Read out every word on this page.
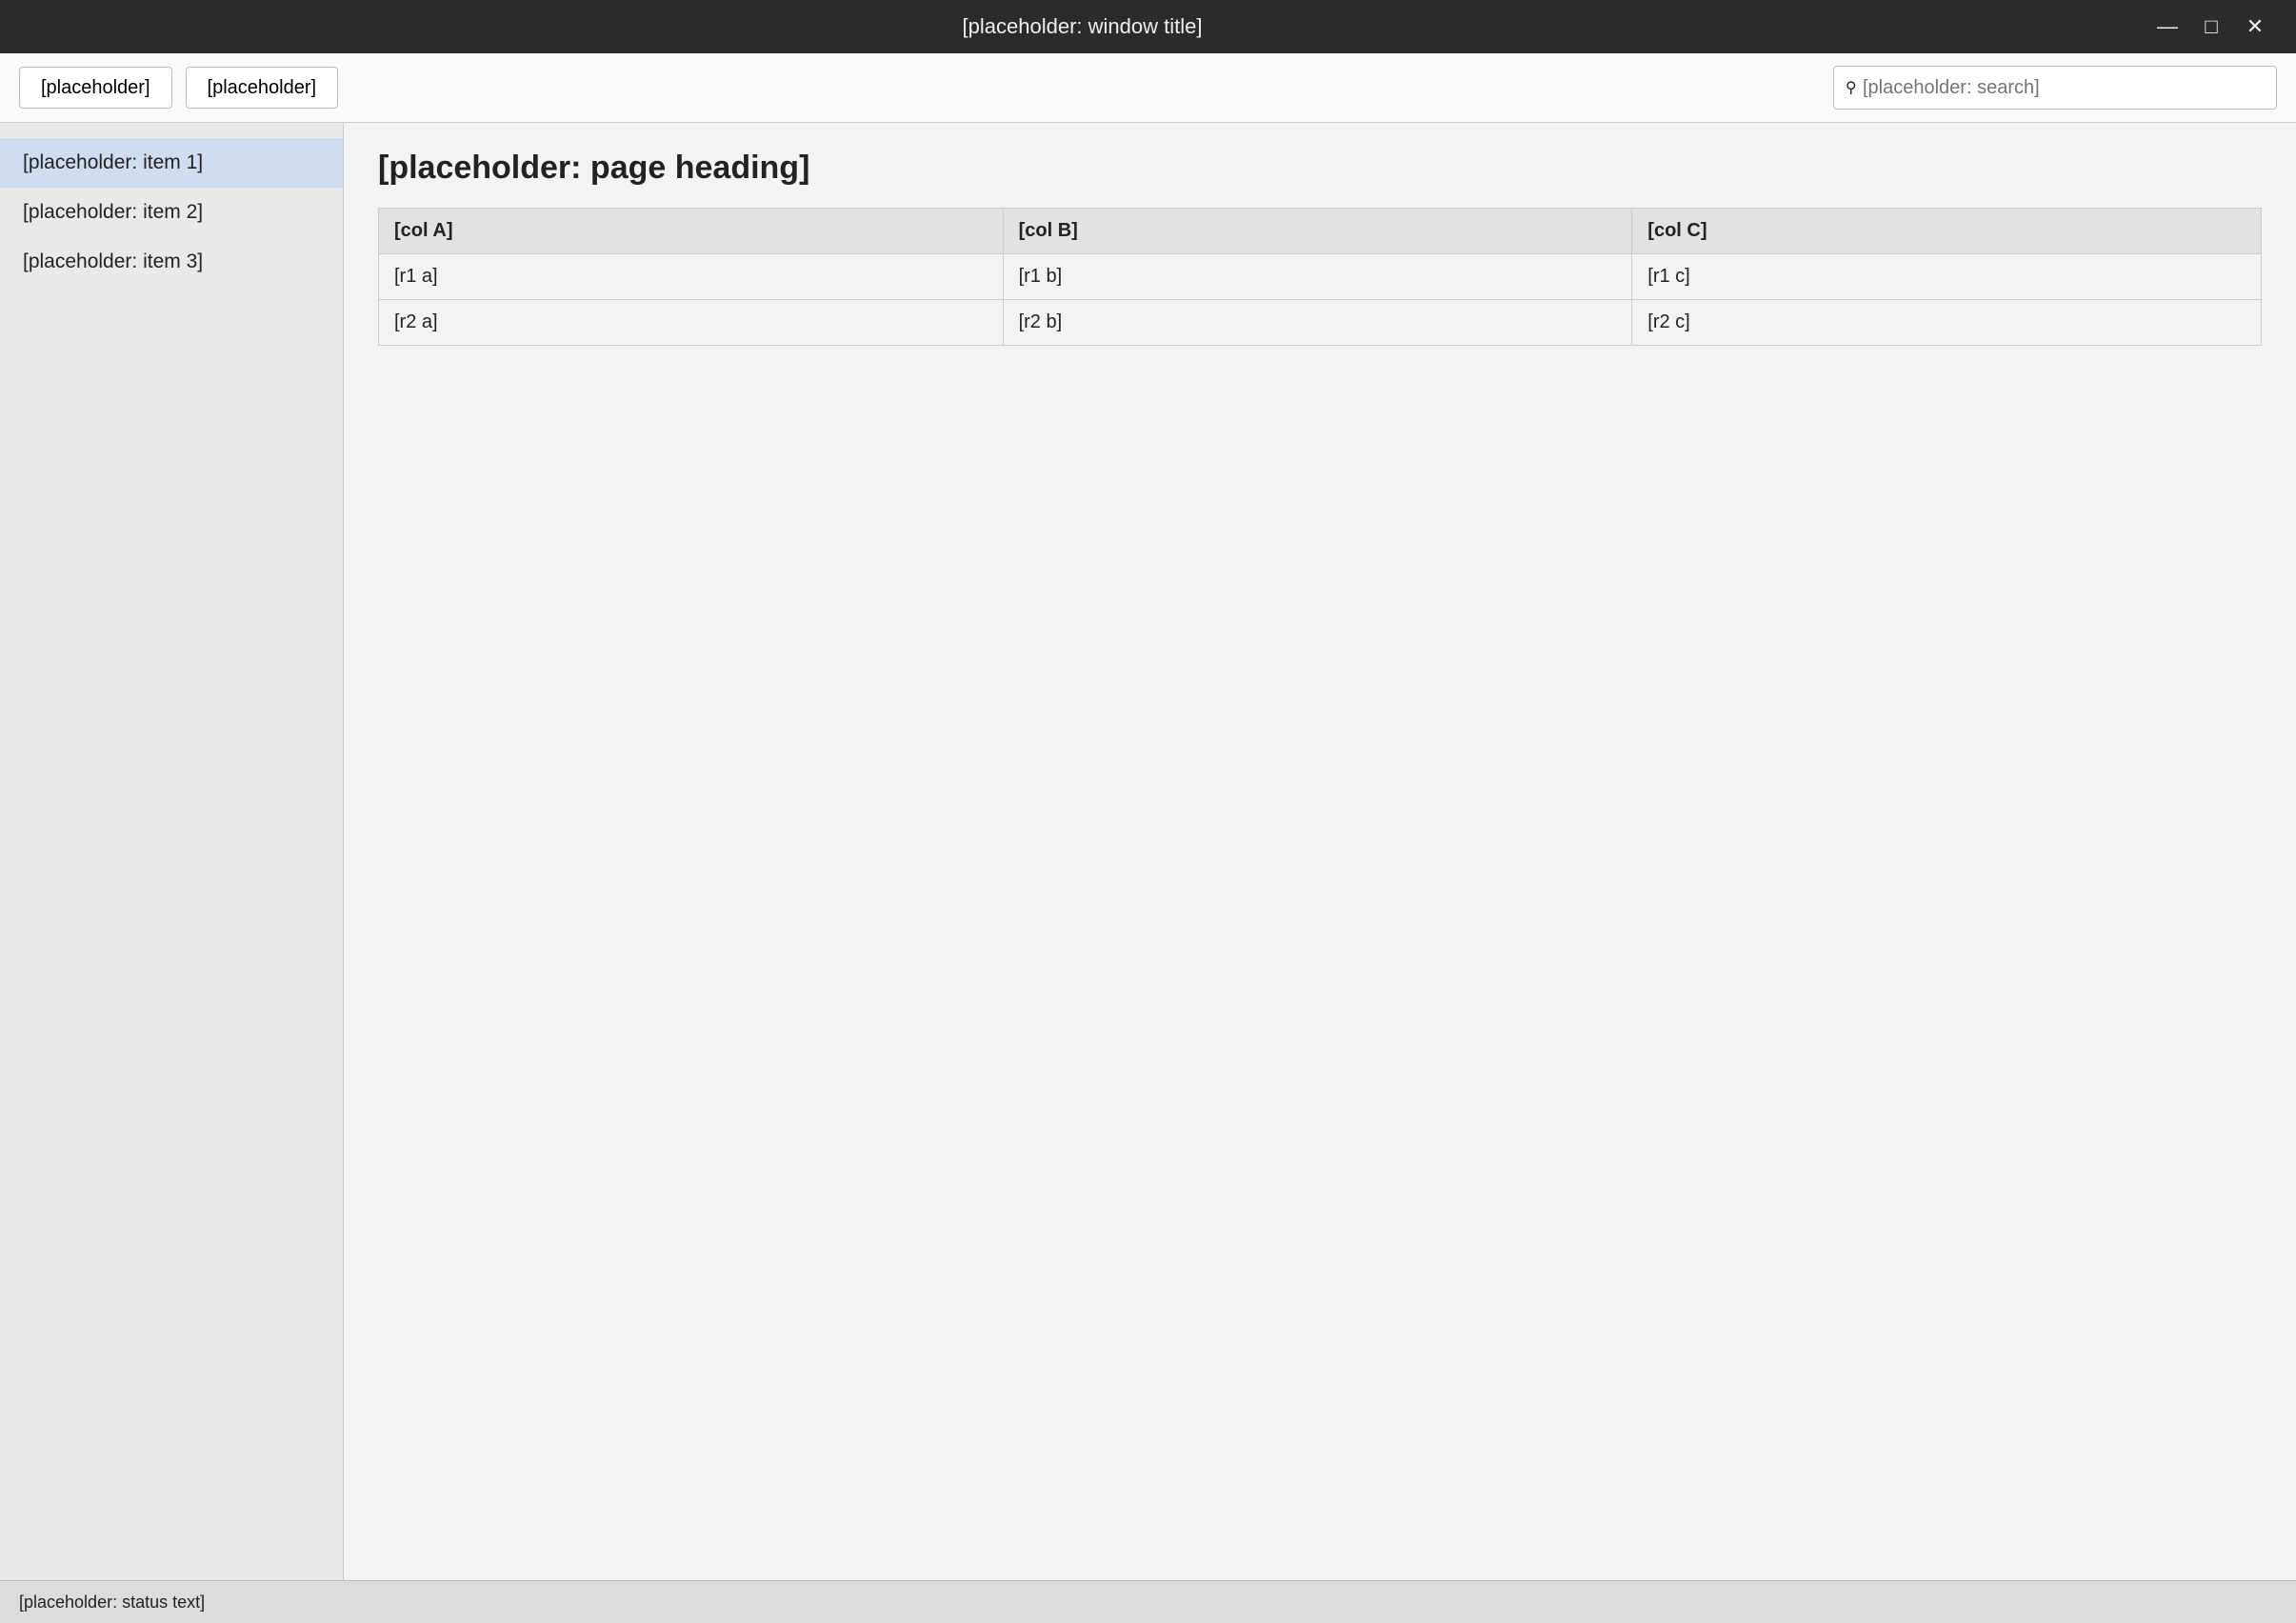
[placeholder: window title]	—	□	✕
[placeholder]	[placeholder]	⚲
[placeholder: search]
[placeholder: item 1]
[placeholder: item 2]
[placeholder: item 3]
[placeholder: page heading]
[col A]	[col B]	[col C]
[r1 a]	[r1 b]	[r1 c]
[r2 a]	[r2 b]	[r2 c]
[placeholder: status text]
